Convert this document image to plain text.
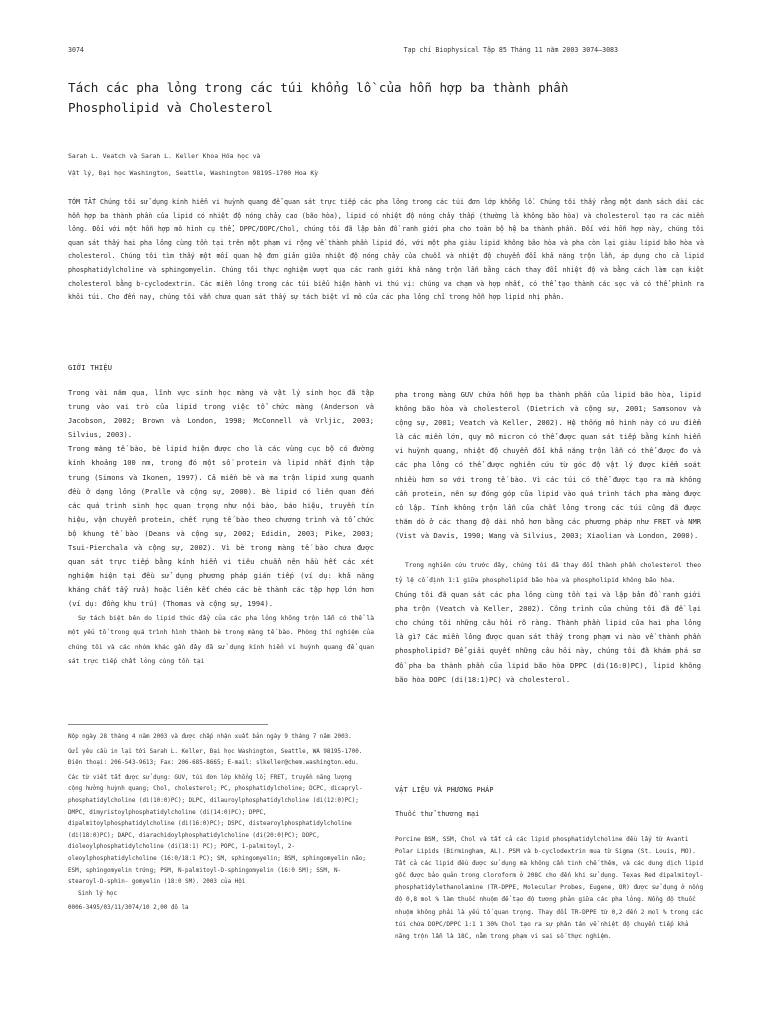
3074	Tạp chí Biophysical Tập 85 Tháng 11 năm 2003 3074–3083
Tách các pha lỏng trong các túi khổng lồ của hỗn hợp ba thành phần Phospholipid và Cholesterol
Sarah L. Veatch và Sarah L. Keller Khoa Hóa học và
Vật lý, Đại học Washington, Seattle, Washington 98195-1700 Hoa Kỳ
TÓM TẮT Chúng tôi sử dụng kính hiển vi huỳnh quang để quan sát trực tiếp các pha lỏng trong các túi đơn lớp khổng lồ. Chúng tôi thấy rằng một danh sách dài các hỗn hợp ba thành phần của lipid có nhiệt độ nóng chảy cao (bão hòa), lipid có nhiệt độ nóng chảy thấp (thường là không bão hòa) và cholesterol tạo ra các miền lỏng. Đối với một hỗn hợp mô hình cụ thể, DPPC/DOPC/Chol, chúng tôi đã lập bản đồ ranh giới pha cho toàn bộ hệ ba thành phần. Đối với hỗn hợp này, chúng tôi quan sát thấy hai pha lỏng cùng tồn tại trên một phạm vi rộng về thành phần lipid đó, với một pha giàu lipid không bão hòa và pha còn lại giàu lipid bão hòa và cholesterol. Chúng tôi tìm thấy một mối quan hệ đơn giản giữa nhiệt độ nóng chảy của chuỗi và nhiệt độ chuyển đổi khả năng trộn lẫn, áp dụng cho cả lipid phosphatidylcholine và sphingomyelin. Chúng tôi thực nghiệm vượt qua các ranh giới khả năng trộn lẫn bằng cách thay đổi nhiệt độ và bằng cách làm cạn kiệt cholesterol bằng b-cyclodextrin. Các miền lỏng trong các túi biểu hiện hành vi thú vị: chúng va chạm và hợp nhất, có thể tạo thành các sọc và có thể phình ra khỏi túi. Cho đến nay, chúng tôi vẫn chưa quan sát thấy sự tách biệt vĩ mô của các pha lỏng chỉ trong hỗn hợp lipid nhị phân.
GIỚI THIỆU

Trong vài năm qua, lĩnh vực sinh học màng và vật lý sinh học đã tập trung vào vai trò của lipid trong việc tổ chức màng (Anderson và Jacobson, 2002; Brown và London, 1998; McConnell và Vrljic, 2003; Silvius, 2003).

Trong màng tế bào, bè lipid hiện được cho là các vùng cục bộ có đường kính khoảng 100 nm, trong đó một số protein và lipid nhất định tập trung (Simons và Ikonen, 1997). Cả miền bè và ma trận lipid xung quanh đều ở dạng lỏng (Pralle và cộng sự, 2000). Bè lipid có liên quan đến các quá trình sinh học quan trọng như nội bào, báo hiệu, truyền tín hiệu, vận chuyển protein, chết rụng tế bào theo chương trình và tổ chức bộ khung tế bào (Deans và cộng sự, 2002; Edidin, 2003; Pike, 2003; Tsui-Pierchala và cộng sự, 2002). Vì bè trong màng tế bào chưa được quan sát trực tiếp bằng kính hiển vi tiêu chuẩn nên hầu hết các xét nghiệm hiện tại đều sử dụng phương pháp gián tiếp (ví dụ: khả năng kháng chất tẩy rửa) hoặc liên kết chéo các bè thành các tập hợp lớn hơn (ví dụ: đồng khu trú) (Thomas và cộng sự, 1994).

Sự tách biệt bên do lipid thúc đẩy của các pha lỏng không trộn lẫn có thể là một yếu tố trong quá trình hình thành bè trong màng tế bào. Phòng thí nghiệm của chúng tôi và các nhóm khác gần đây đã sử dụng kính hiển vi huỳnh quang để quan sát trực tiếp chất lỏng cùng tồn tại

Nộp ngày 28 tháng 4 năm 2003 và được chấp nhận xuất bản ngày 9 tháng 7 năm 2003.

Gửi yêu cầu in lại tới Sarah L. Keller, Đại học Washington, Seattle, WA 98195-1700. Điện thoại: 206-543-9613; Fax: 206-685-8665; E-mail: slkeller@chem.washington.edu.

Các từ viết tắt được sử dụng: GUV, túi đơn lớp khổng lồ; FRET, truyền năng lượng cộng hưởng huỳnh quang; Chol, cholesterol; PC, phosphatidylcholine; DCPC, dicaprylphosphatidylcholine (di(10:0)PC); DLPC, dilauroylphosphatidylcholine (di(12:0)PC); DMPC, dimyristoylphosphatidylcholine (di(14:0)PC); DPPC, dipalmitoylphosphatidylcholine (di(16:0)PC); DSPC, distearoylphosphatidylcholine (di(18:0)PC); DAPC, diarachidoylphosphatidylcholine (di(20:0)PC); DOPC, dioleoylphosphatidylcholine (di(18:1) PC); POPC, 1-palmitoyl, 2-oleoylphosphatidylcholine (16:0/18:1 PC); SM, sphingomyelin; BSM, sphingomyelin não; ESM, sphingomyelin trứng; PSM, N-palmitoyl-D-sphingomyelin (16:0 SM); SSM, N-stearoyl-D-sphin- gomyelin (18:0 SM). 2003 của Hội

Sinh lý học

0006-3495/03/11/3074/10 2,00 đô la

pha trong màng GUV chứa hỗn hợp ba thành phần của lipid bão hòa, lipid không bão hòa và cholesterol (Dietrich và cộng sự, 2001; Samsonov và cộng sự, 2001; Veatch và Keller, 2002). Hệ thống mô hình này có ưu điểm là các miền lớn, quy mô micron có thể được quan sát tiếp bằng kính hiển vi huỳnh quang, nhiệt độ chuyển đổi khả năng trộn lẫn có thể được đo và các pha lỏng có thể được nghiên cứu từ góc độ vật lý được kiểm soát nhiều hơn so với trong tế bào. Vì các túi có thể được tạo ra mà không cần protein, nên sự đóng góp của lipid vào quá trình tách pha màng được cô lập. Tính không trộn lẫn của chất lỏng trong các túi cũng đã được thăm dò ở các thang độ dài nhỏ hơn bằng các phương pháp như FRET và NMR (Vist và Davis, 1990; Wang và Silvius, 2003; Xiaolian và London, 2000).

Trong nghiên cứu trước đây, chúng tôi đã thay đổi thành phần cholesterol theo tỷ lệ cố định 1:1 giữa phospholipid bão hòa và phospholipid không bão hòa.

Chúng tôi đã quan sát các pha lỏng cùng tồn tại và lập bản đồ ranh giới pha trộn (Veatch và Keller, 2002). Công trình của chúng tôi đã đề lại cho chúng tôi những câu hỏi rõ ràng. Thành phần lipid của hai pha lỏng là gì? Các miền lỏng được quan sát thấy trong phạm vi nào về thành phần phospholipid? Để giải quyết những câu hỏi này, chúng tôi đã khám phá sơ đồ pha ba thành phần của lipid bão hòa DPPC (di(16:0)PC), lipid không bão hòa DOPC (di(18:1)PC) và cholesterol.

VẬT LIỆU VÀ PHƯƠNG PHÁP
Thuốc thử thương mại
Porcine BSM, SSM, Chol và tất cả các lipid phosphatidylcholine đều lấy từ Avanti Polar Lipids (Birmingham, AL). PSM và b-cyclodextrin mua từ Sigma (St. Louis, MO). Tất cả các lipid đều được sử dụng mà không cần tinh chế thêm, và các dung dịch lipid gốc được bảo quản trong cloroform ở 208C cho đến khi sử dụng. Texas Red dipalmitoyl-phosphatidylethanolamine (TR-DPPE, Molecular Probes, Eugene, OR) được sử dụng ở nồng độ 0,8 mol % làm thuốc nhuộm để tạo độ tương phản giữa các pha lỏng. Nồng độ thuốc nhuộm không phải là yếu tố quan trọng. Thay đổi TR-DPPE từ 0,2 đến 2 mol % trong các túi chứa DOPC/DPPC 1:1 1 30% Chol tạo ra sự phân tán về nhiệt độ chuyển tiếp khả năng trộn lẫn là 18C, nằm trong phạm vi sai số thực nghiệm.
